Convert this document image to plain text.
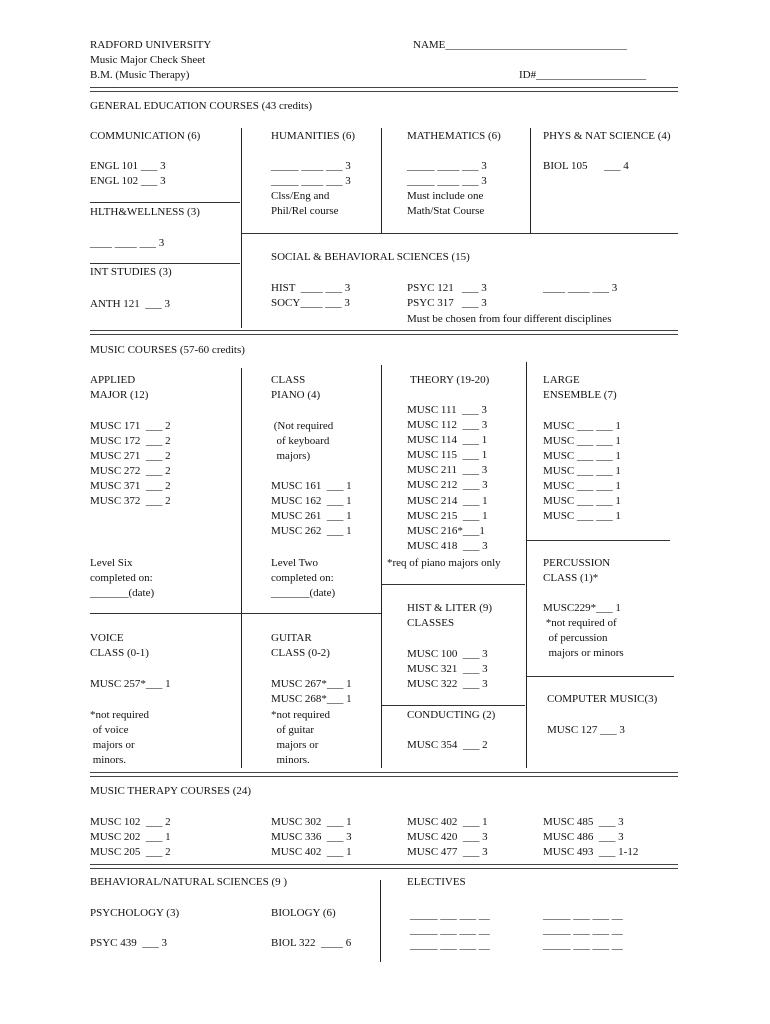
RADFORD UNIVERSITY
Music Major Check Sheet
B.M. (Music Therapy)
NAME_________________________________
ID#____________________
GENERAL EDUCATION COURSES (43 credits)
COMMUNICATION (6)
ENGL 101 ___ 3
ENGL 102 ___ 3
HLTH&WELLNESS (3)
____ ____ ___ 3
INT STUDIES (3)
ANTH 121  ___ 3
HUMANITIES (6)
_____ ____ ___ 3
_____ ____ ___ 3
Clss/Eng and
Phil/Rel course
MATHEMATICS (6)
_____ ____ ___ 3
_____ ____ ___ 3
Must include one
Math/Stat Course
PHYS & NAT SCIENCE (4)
BIOL 105      ___ 4
SOCIAL & BEHAVIORAL SCIENCES (15)
HIST  ____ ___ 3
SOCY____ ___ 3
PSYC 121   ___ 3
PSYC 317   ___ 3
____ ____ ___ 3
Must be chosen from four different disciplines
MUSIC COURSES (57-60 credits)
APPLIED
MAJOR (12)
MUSC 171  ___ 2
MUSC 172  ___ 2
MUSC 271  ___ 2
MUSC 272  ___ 2
MUSC 371  ___ 2
MUSC 372  ___ 2
Level Six
completed on:
_______(date)
CLASS
PIANO (4)
(Not required
of keyboard
majors)
MUSC 161  ___ 1
MUSC 162  ___ 1
MUSC 261  ___ 1
MUSC 262  ___ 1
Level Two
completed on:
_______(date)
THEORY (19-20)
MUSC 111  ___ 3
MUSC 112  ___ 3
MUSC 114  ___ 1
MUSC 115  ___ 1
MUSC 211  ___ 3
MUSC 212  ___ 3
MUSC 214  ___ 1
MUSC 215  ___ 1
MUSC 216*___1
MUSC 418  ___ 3
*req of piano majors only
LARGE
ENSEMBLE (7)
MUSC ___ ___ 1
MUSC ___ ___ 1
MUSC ___ ___ 1
MUSC ___ ___ 1
MUSC ___ ___ 1
MUSC ___ ___ 1
MUSC ___ ___ 1
PERCUSSION
CLASS (1)*
HIST & LITER (9)
CLASSES
MUSC229*___ 1
*not required of
of percussion
majors or minors
VOICE
CLASS (0-1)
MUSC 257*___ 1
*not required
of voice
majors or
minors.
GUITAR
CLASS (0-2)
MUSC 267*___ 1
MUSC 268*___ 1
*not required
of guitar
majors or
minors.
MUSC 100  ___ 3
MUSC 321  ___ 3
MUSC 322  ___ 3
COMPUTER MUSIC(3)
CONDUCTING (2)
MUSC 127 ___ 3
MUSC 354  ___ 2
MUSIC THERAPY COURSES (24)
MUSC 102  ___ 2
MUSC 202  ___ 1
MUSC 205  ___ 2
MUSC 302  ___ 1
MUSC 336  ___ 3
MUSC 402  ___ 1
MUSC 402  ___ 1
MUSC 420  ___ 3
MUSC 477  ___ 3
MUSC 485  ___ 3
MUSC 486  ___ 3
MUSC 493  ___ 1-12
BEHAVIORAL/NATURAL SCIENCES (9 )
PSYCHOLOGY (3)
PSYC 439  ___ 3
BIOLOGY (6)
BIOL 322  ____ 6
ELECTIVES
_____ ___ ___ __
_____ ___ ___ __
_____ ___ ___ __
_____ ___ ___ __
_____ ___ ___ __
_____ ___ ___ __
